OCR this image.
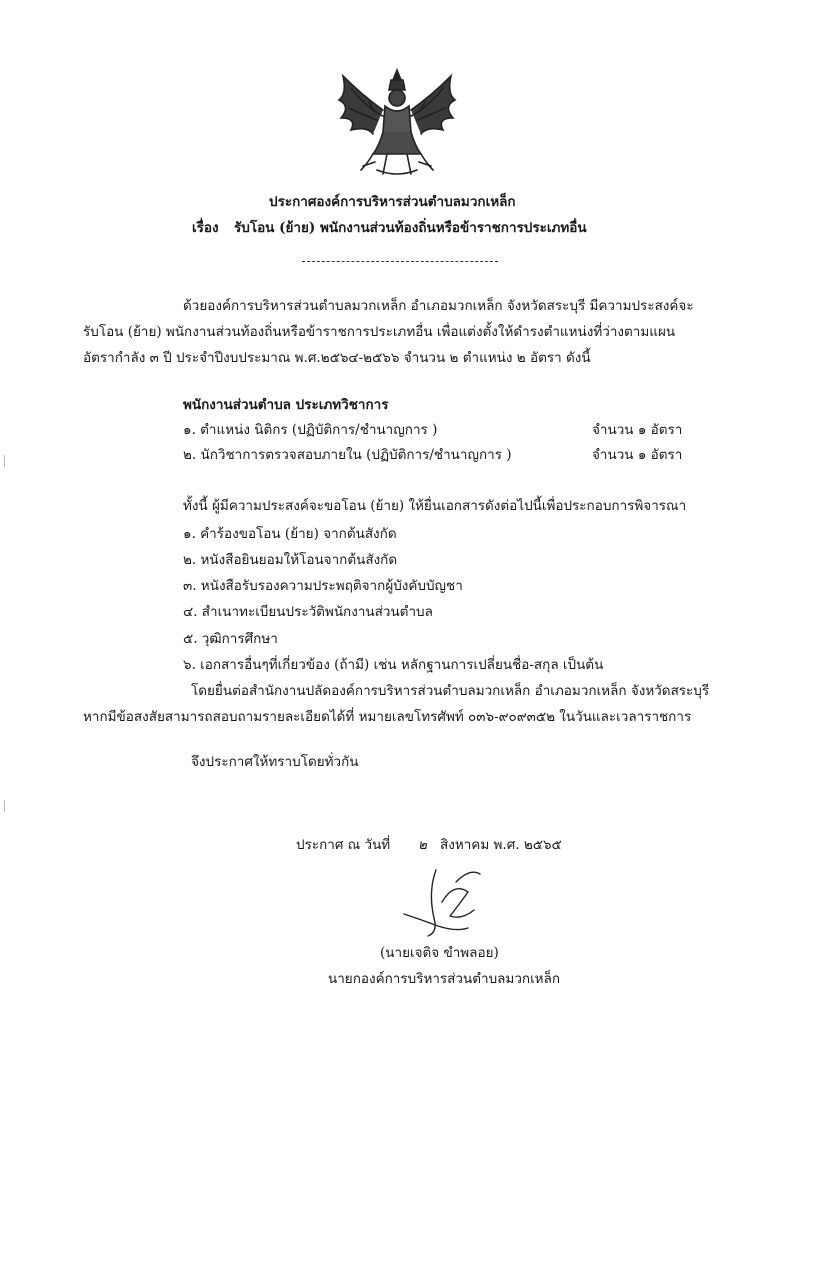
ประกาศองค์การบริหารส่วนตำบลมวกเหล็ก
เรื่อง รับโอน (ย้าย) พนักงานส่วนท้องถิ่นหรือข้าราชการประเภทอื่น
ด้วยองค์การบริหารส่วนตำบลมวกเหล็ก อำเภอมวกเหล็ก จังหวัดสระบุรี มีความประสงค์จะ
รับโอน (ย้าย) พนักงานส่วนท้องถิ่นหรือข้าราชการประเภทอื่น เพื่อแต่งตั้งให้ดำรงตำแหน่งที่ว่างตามแผน
อัตรากำลัง ๓ ปี ประจำปีงบประมาณ พ.ศ.๒๕๖๔-๒๕๖๖ จำนวน ๒ ตำแหน่ง ๒ อัตรา ดังนี้
พนักงานส่วนตำบล ประเภทวิชาการ
๑. ตำแหน่ง นิติกร (ปฏิบัติการ/ชำนาญการ )	จำนวน ๑ อัตรา
๒. นักวิชาการตรวจสอบภายใน (ปฏิบัติการ/ชำนาญการ )	จำนวน ๑ อัตรา
ทั้งนี้ ผู้มีความประสงค์จะขอโอน (ย้าย) ให้ยื่นเอกสารดังต่อไปนี้เพื่อประกอบการพิจารณา
๑. คำร้องขอโอน (ย้าย) จากต้นสังกัด
๒. หนังสือยินยอมให้โอนจากต้นสังกัด
๓. หนังสือรับรองความประพฤติจากผู้บังคับบัญชา
๔. สำเนาทะเบียนประวัติพนักงานส่วนตำบล
๕. วุฒิการศึกษา
๖. เอกสารอื่นๆที่เกี่ยวข้อง (ถ้ามี) เช่น หลักฐานการเปลี่ยนชื่อ-สกุล เป็นต้น
โดยยื่นต่อสำนักงานปลัดองค์การบริหารส่วนตำบลมวกเหล็ก อำเภอมวกเหล็ก จังหวัดสระบุรี
หากมีข้อสงสัยสามารถสอบถามรายละเอียดได้ที่ หมายเลขโทรศัพท์ ๐๓๖-๙๐๙๓๕๒ ในวันและเวลาราชการ
จึงประกาศให้ทราบโดยทั่วกัน
ประกาศ ณ วันที่ ๒ สิงหาคม พ.ศ. ๒๕๖๕
(นายเจติจ ขำพลอย)
นายกองค์การบริหารส่วนตำบลมวกเหล็ก
